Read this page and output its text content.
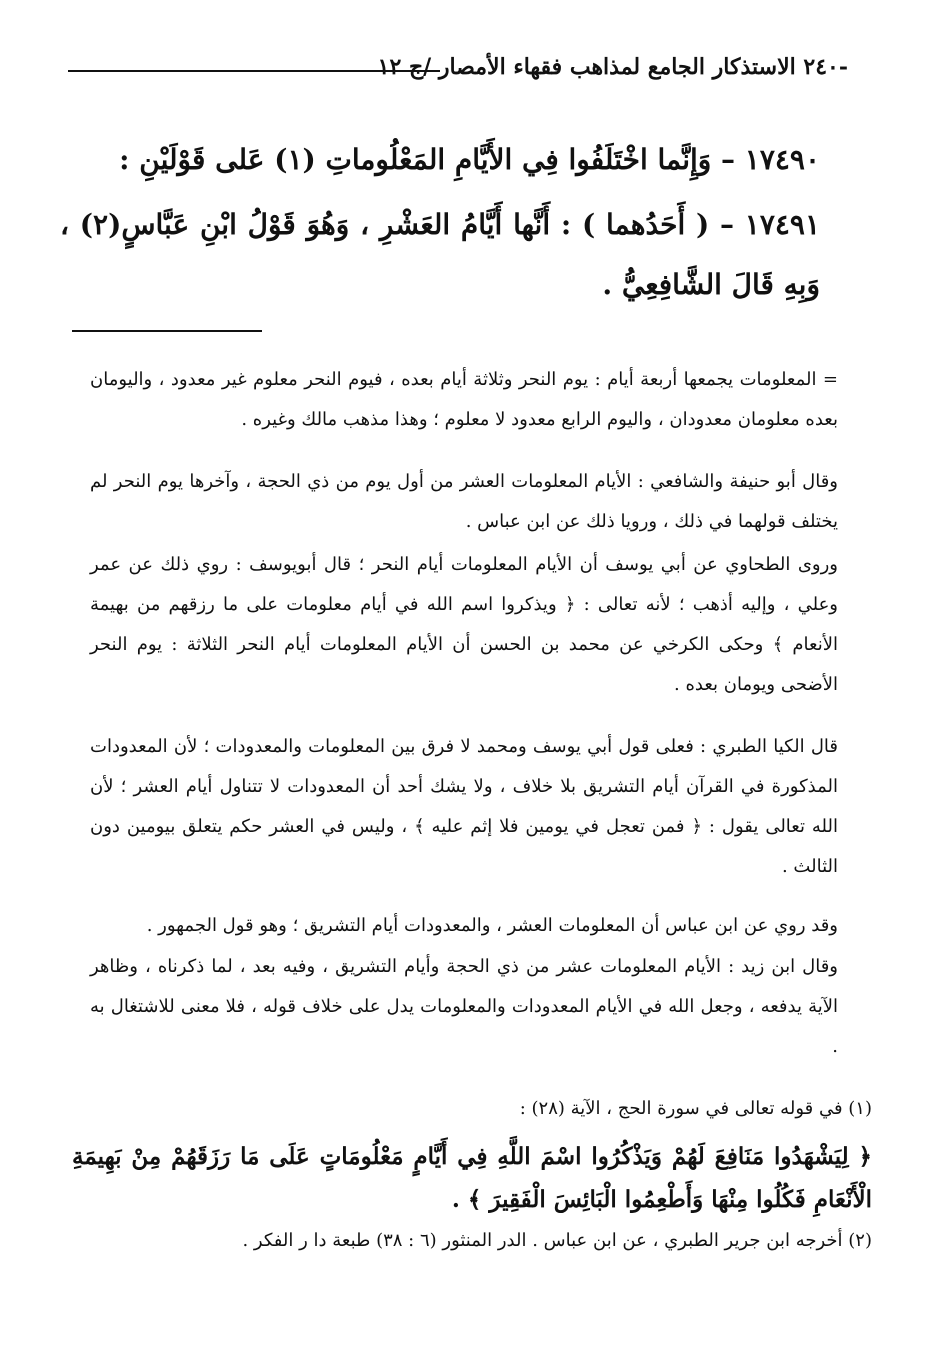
-٢٤٠ الاستذكار الجامع لمذاهب فقهاء الأمصار /ج ١٢
١٧٤٩٠ – وَإِنَّما اخْتَلَفُوا فِي الأَيَّامِ المَعْلُوماتِ (١) عَلى قَوْلَيْنِ :
١٧٤٩١ – ( أَحَدُهما ) : أَنَّها أَيَّامُ العَشْرِ ، وَهُوَ قَوْلُ ابْنِ عَبَّاسٍ(٢) ، وَبِهِ قَالَ الشَّافِعِيُّ .
= المعلومات يجمعها أربعة أيام : يوم النحر وثلاثة أيام بعده ، فيوم النحر معلوم غير معدود ، واليومان بعده معلومان معدودان ، واليوم الرابع معدود لا معلوم ؛ وهذا مذهب مالك وغيره .
وقال أبو حنيفة والشافعي : الأيام المعلومات العشر من أول يوم من ذي الحجة ، وآخرها يوم النحر لم يختلف قولهما في ذلك ، ورويا ذلك عن ابن عباس .
وروى الطحاوي عن أبي يوسف أن الأيام المعلومات أيام النحر ؛ قال أبويوسف : روي ذلك عن عمر وعلي ، وإليه أذهب ؛ لأنه تعالى : ﴿ ويذكروا اسم الله في أيام معلومات على ما رزقهم من بهيمة الأنعام ﴾ وحكى الكرخي عن محمد بن الحسن أن الأيام المعلومات أيام النحر الثلاثة : يوم النحر الأضحى ويومان بعده .
قال الكيا الطبري : فعلى قول أبي يوسف ومحمد لا فرق بين المعلومات والمعدودات ؛ لأن المعدودات المذكورة في القرآن أيام التشريق بلا خلاف ، ولا يشك أحد أن المعدودات لا تتناول أيام العشر ؛ لأن الله تعالى يقول : ﴿ فمن تعجل في يومين فلا إثم عليه ﴾ ، وليس في العشر حكم يتعلق بيومين دون الثالث .
وقد روي عن ابن عباس أن المعلومات العشر ، والمعدودات أيام التشريق ؛ وهو قول الجمهور .
وقال ابن زيد : الأيام المعلومات عشر من ذي الحجة وأيام التشريق ، وفيه بعد ، لما ذكرناه ، وظاهر الآية يدفعه ، وجعل الله في الأيام المعدودات والمعلومات يدل على خلاف قوله ، فلا معنى للاشتغال به .
(١) في قوله تعالى في سورة الحج ، الآية (٢٨) :
﴿ لِيَشْهَدُوا مَنَافِعَ لَهُمْ وَيَذْكُرُوا اسْمَ اللَّهِ فِي أَيَّامٍ مَعْلُومَاتٍ عَلَى مَا رَزَقَهُمْ مِنْ بَهِيمَةِ الْأَنْعَامِ فَكُلُوا مِنْهَا وَأَطْعِمُوا الْبَائِسَ الْفَقِيرَ ﴾ .
(٢) أخرجه ابن جرير الطبري ، عن ابن عباس . الدر المنثور (٦ : ٣٨) طبعة دا ر الفكر .
